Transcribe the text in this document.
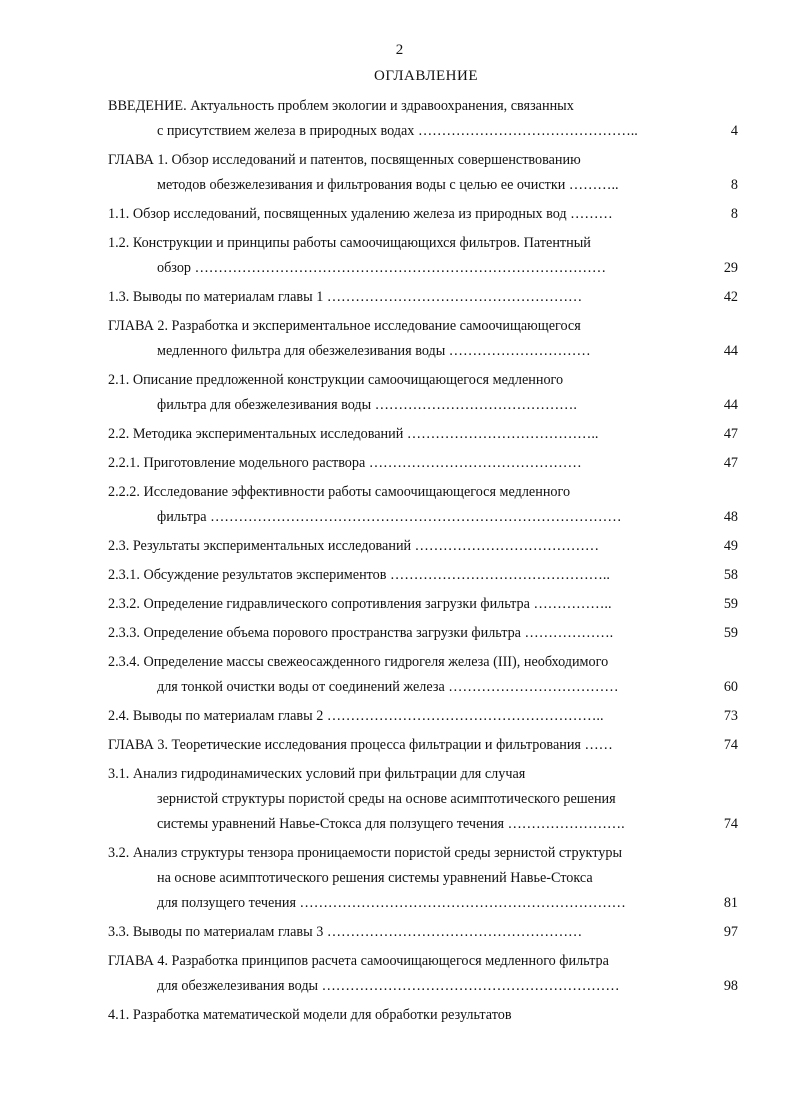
2
ОГЛАВЛЕНИЕ
ВВЕДЕНИЕ. Актуальность проблем экологии и здравоохранения, связанных
с присутствием железа в природных водах ………………………………………..	4
ГЛАВА 1. Обзор исследований и патентов, посвященных совершенствованию
методов обезжелезивания и фильтрования воды с целью ее очистки ………..	8
1.1. Обзор исследований, посвященных удалению железа из природных вод ………	8
1.2. Конструкции и принципы работы самоочищающихся фильтров. Патентный
обзор ……………………………………………………………………………	29
1.3. Выводы по материалам главы 1 ………………………………………………	42
ГЛАВА 2. Разработка и экспериментальное исследование самоочищающегося
медленного фильтра для обезжелезивания воды …………………………	44
2.1. Описание предложенной конструкции самоочищающегося медленного
фильтра для обезжелезивания воды …………………………………….	44
2.2. Методика экспериментальных исследований …………………………………..	47
2.2.1. Приготовление модельного раствора ………………………………………	47
2.2.2. Исследование эффективности работы самоочищающегося медленного
фильтра ……………………………………………………………………………	48
2.3. Результаты экспериментальных исследований …………………………………	49
2.3.1. Обсуждение результатов экспериментов ………………………………………..	58
2.3.2. Определение гидравлического сопротивления загрузки фильтра ……………..	59
2.3.3. Определение объема порового пространства загрузки фильтра ……………….	59
2.3.4. Определение массы свежеосажденного гидрогеля железа (III), необходимого
для тонкой очистки воды от соединений железа ………………………………	60
2.4. Выводы по материалам главы 2 …………………………………………………..	73
ГЛАВА 3. Теоретические исследования процесса фильтрации и фильтрования ……	74
3.1. Анализ гидродинамических условий при фильтрации для случая
зернистой структуры пористой среды на основе асимптотического решения
системы уравнений Навье-Стокса для ползущего течения …………………….	74
3.2. Анализ структуры тензора проницаемости пористой среды зернистой структуры
на основе асимптотического решения системы уравнений Навье-Стокса
для ползущего течения ……………………………………………………………	81
3.3. Выводы по материалам главы 3 ………………………………………………	97
ГЛАВА 4. Разработка принципов расчета самоочищающегося медленного фильтра
для обезжелезивания воды ………………………………………………………	98
4.1. Разработка математической модели для обработки результатов
